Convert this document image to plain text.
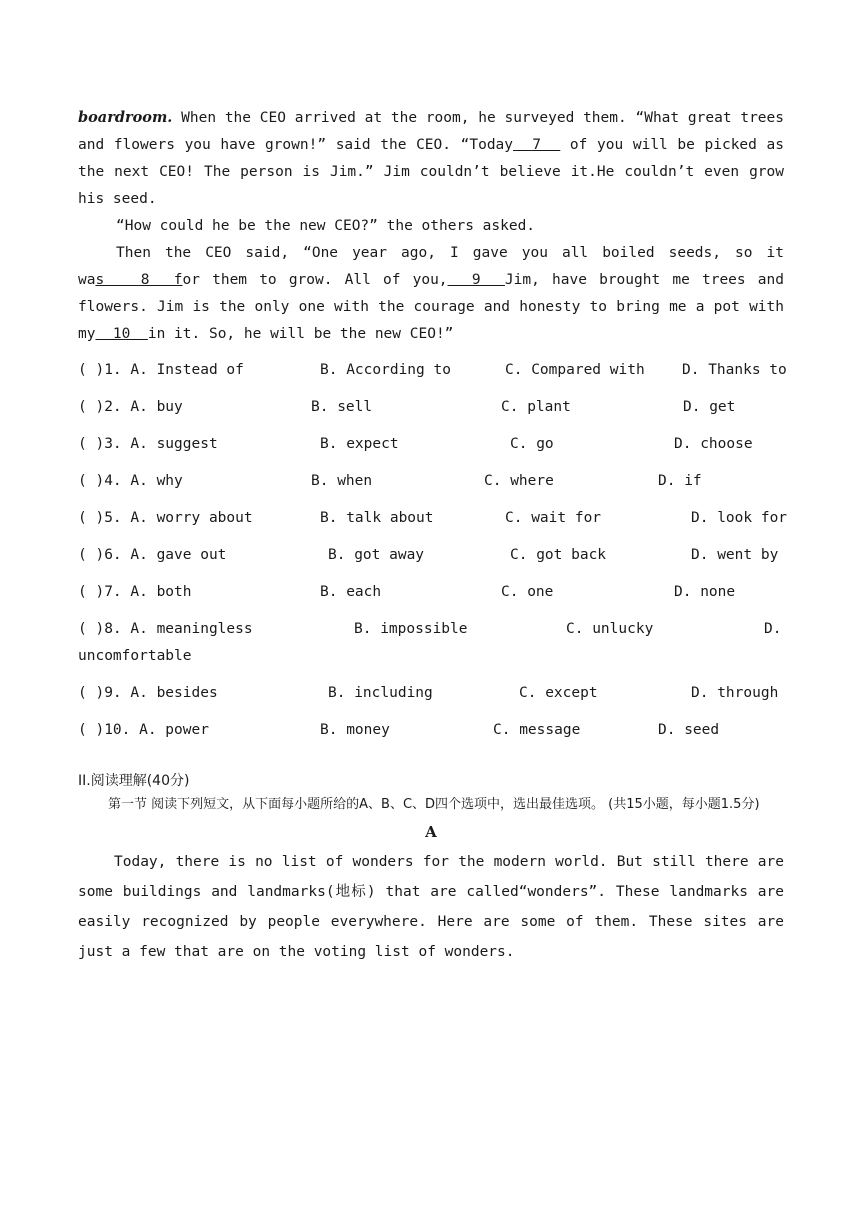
boardroom. When the CEO arrived at the room, he surveyed them. “What great trees and flowers you have grown!” said the CEO. “Today  7   of you will be picked as the next CEO! The person is Jim.” Jim couldn’t believe it.He couldn’t even grow his seed.

“How could he be the new CEO?” the others asked.

Then the CEO said, “One year ago, I gave you all boiled seeds, so it was   8  for them to grow. All of you,  9  Jim, have brought me trees and flowers. Jim is the only one with the courage and honesty to bring me a pot with my  10  in it. So, he will be the new CEO!”

( )1. A. Instead of	B. According to	C. Compared with	D. Thanks to
( )2. A. buy	B. sell	C. plant	D. get
( )3. A. suggest	B. expect	C. go	D. choose
( )4. A. why	B. when	C. where	D. if
( )5. A. worry about	B. talk about	C. wait for	D. look for
( )6. A. gave out	B. got away	C. got back	D. went by
( )7. A. both	B. each	C. one	D. none
( )8. A. meaningless	B. impossible	C. unlucky	D.
uncomfortable
( )9. A. besides	B. including	C. except	D. through
( )10. A. power	B. money	C. message	D. seed
II.阅读理解(40分)

第一节 阅读下列短文，从下面每小题所给的A、B、C、D四个选项中，选出最佳选项。 (共15小题，每小题1.5分)

A

Today, there is no list of wonders for the modern world. But still there are some buildings and landmarks(地标) that are called“wonders”. These landmarks are easily recognized by people everywhere. Here are some of them. These sites are just a few that are on the voting list of wonders.
